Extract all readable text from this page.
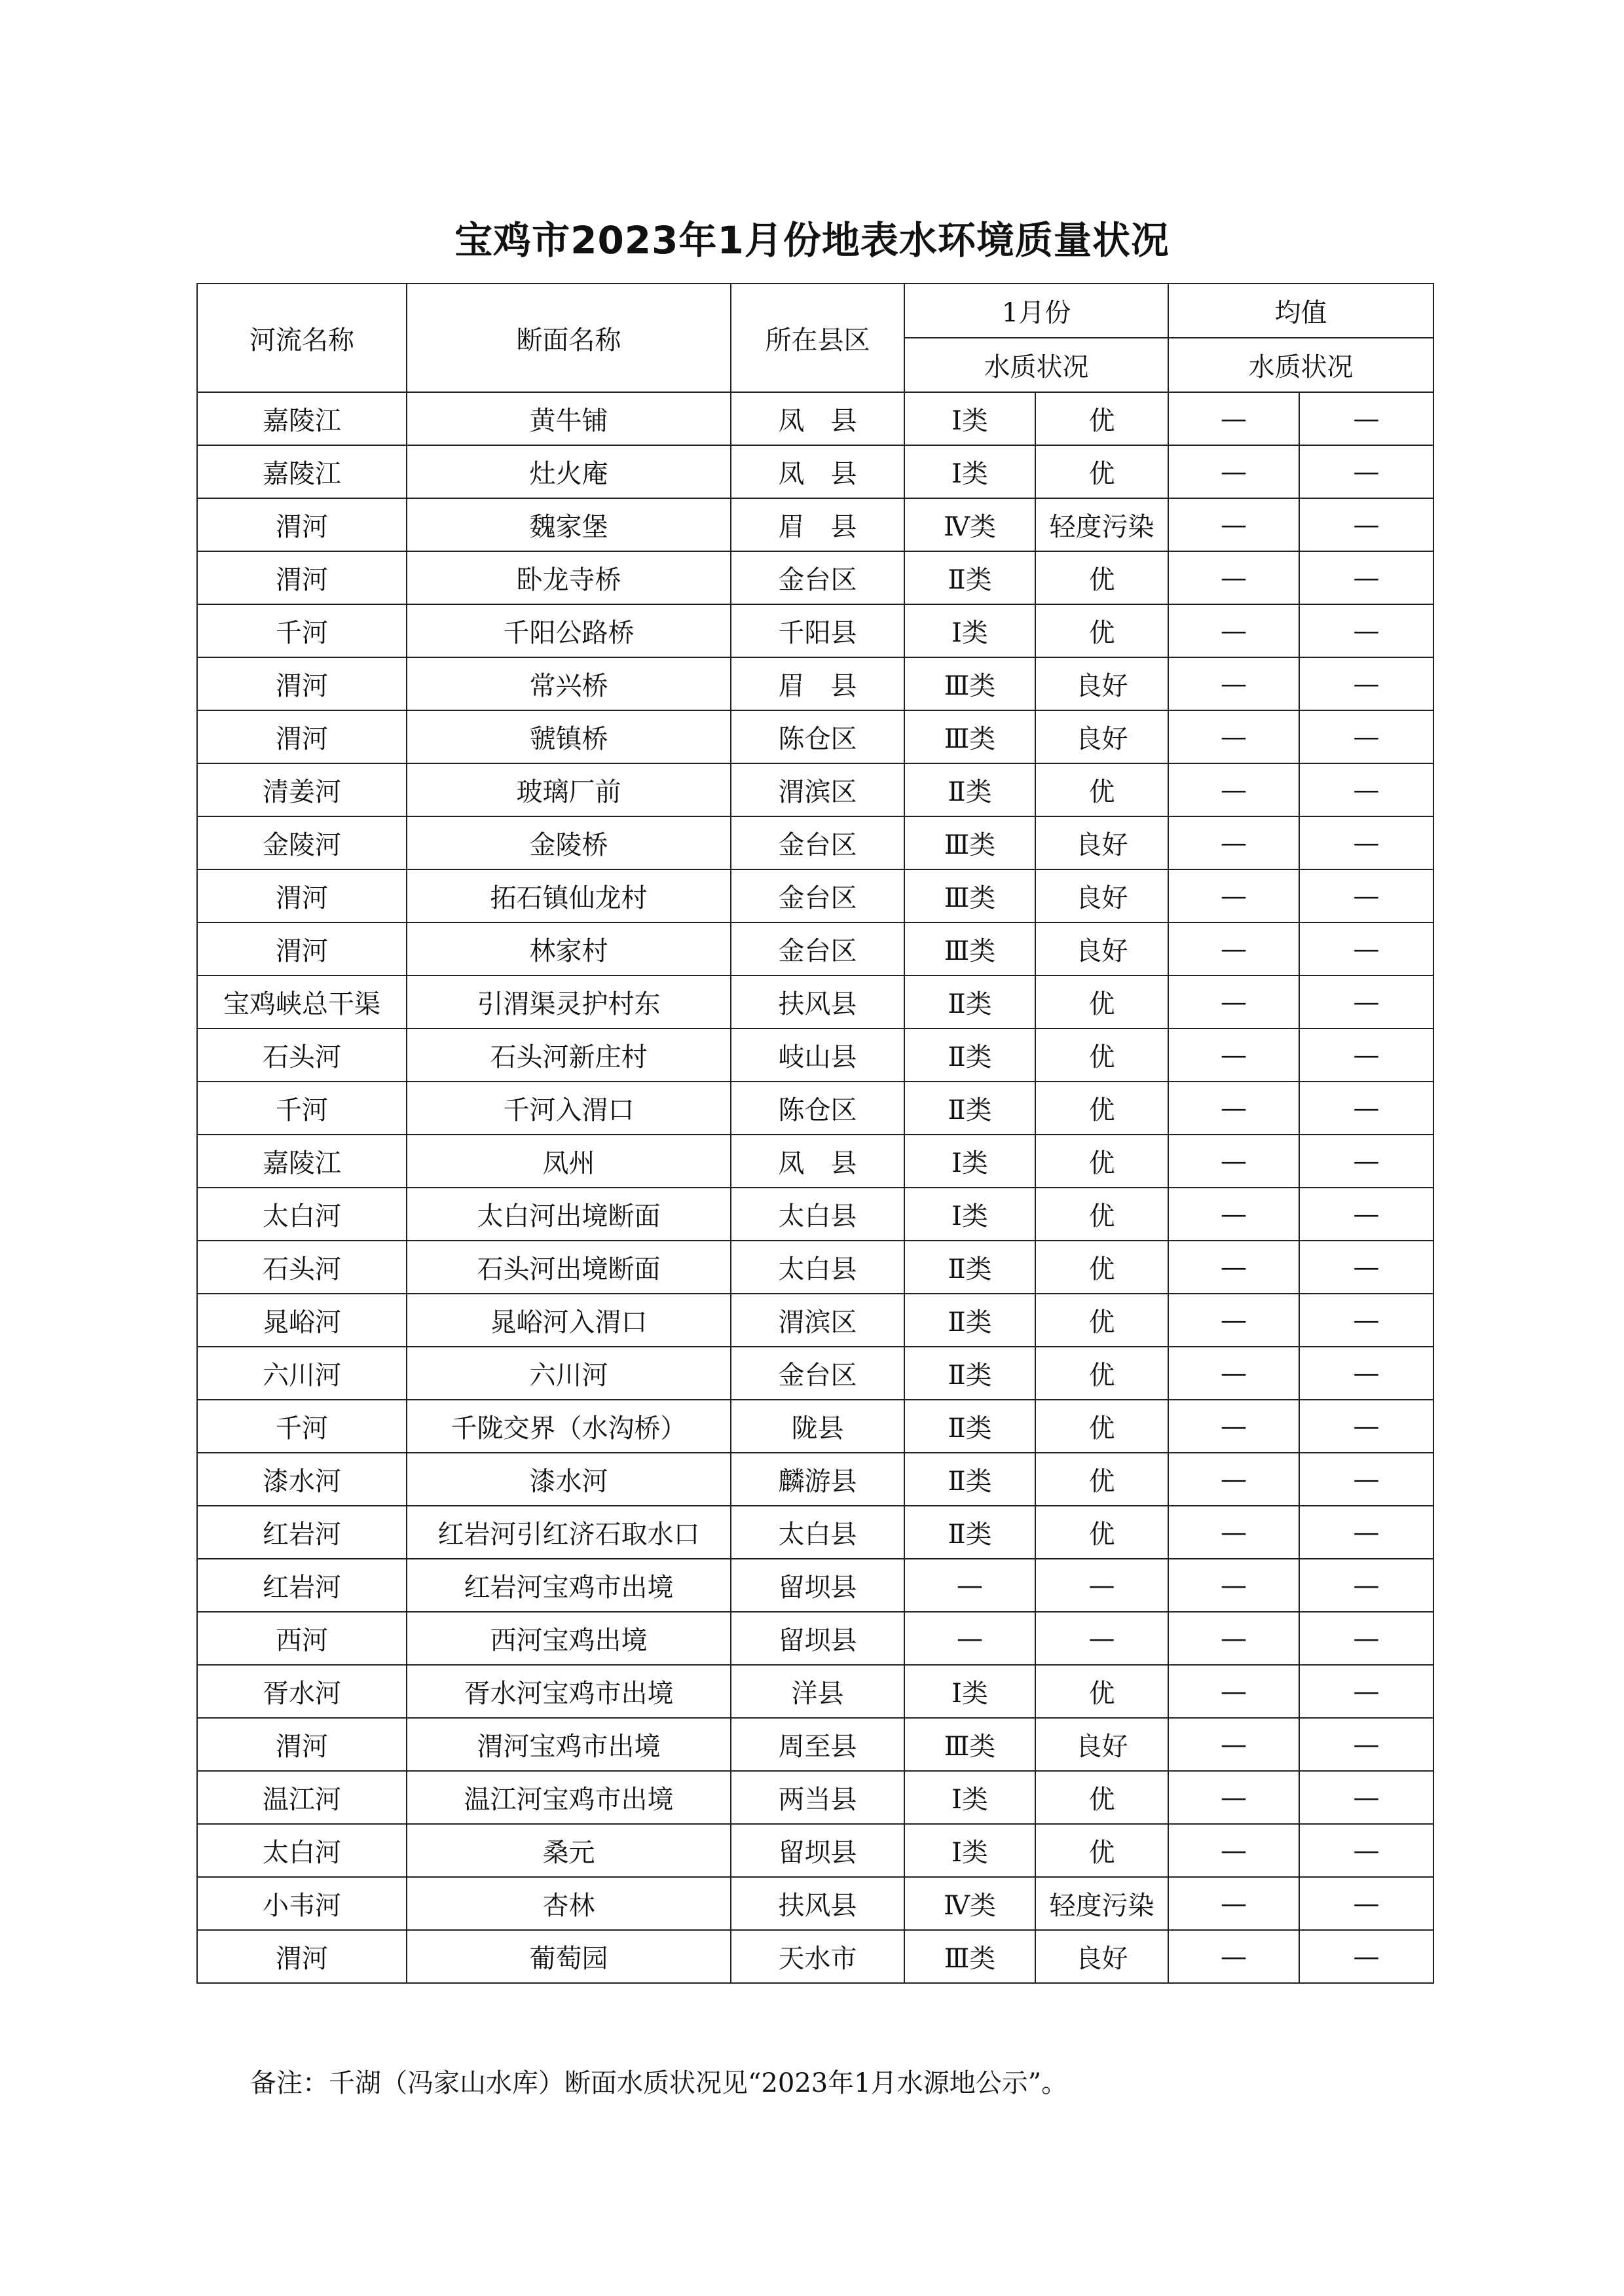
宝鸡市2023年1月份地表水环境质量状况
河流名称	断面名称	所在县区	1月份		均值	
			水质状况		水质状况	
嘉陵江	黄牛铺	凤　县	Ⅰ类	优	—	—
嘉陵江	灶火庵	凤　县	Ⅰ类	优	—	—
渭河	魏家堡	眉　县	Ⅳ类	轻度污染	—	—
渭河	卧龙寺桥	金台区	Ⅱ类	优	—	—
千河	千阳公路桥	千阳县	Ⅰ类	优	—	—
渭河	常兴桥	眉　县	Ⅲ类	良好	—	—
渭河	虢镇桥	陈仓区	Ⅲ类	良好	—	—
清姜河	玻璃厂前	渭滨区	Ⅱ类	优	—	—
金陵河	金陵桥	金台区	Ⅲ类	良好	—	—
渭河	拓石镇仙龙村	金台区	Ⅲ类	良好	—	—
渭河	林家村	金台区	Ⅲ类	良好	—	—
宝鸡峡总干渠	引渭渠灵护村东	扶风县	Ⅱ类	优	—	—
石头河	石头河新庄村	岐山县	Ⅱ类	优	—	—
千河	千河入渭口	陈仓区	Ⅱ类	优	—	—
嘉陵江	凤州	凤　县	Ⅰ类	优	—	—
太白河	太白河出境断面	太白县	Ⅰ类	优	—	—
石头河	石头河出境断面	太白县	Ⅱ类	优	—	—
晁峪河	晁峪河入渭口	渭滨区	Ⅱ类	优	—	—
六川河	六川河	金台区	Ⅱ类	优	—	—
千河	千陇交界（水沟桥）	陇县	Ⅱ类	优	—	—
漆水河	漆水河	麟游县	Ⅱ类	优	—	—
红岩河	红岩河引红济石取水口	太白县	Ⅱ类	优	—	—
红岩河	红岩河宝鸡市出境	留坝县	—	—	—	—
西河	西河宝鸡出境	留坝县	—	—	—	—
胥水河	胥水河宝鸡市出境	洋县	Ⅰ类	优	—	—
渭河	渭河宝鸡市出境	周至县	Ⅲ类	良好	—	—
温江河	温江河宝鸡市出境	两当县	Ⅰ类	优	—	—
太白河	桑元	留坝县	Ⅰ类	优	—	—
小韦河	杏林	扶风县	Ⅳ类	轻度污染	—	—
渭河	葡萄园	天水市	Ⅲ类	良好	—	—
备注：千湖（冯家山水库）断面水质状况见“2023年1月水源地公示”。
